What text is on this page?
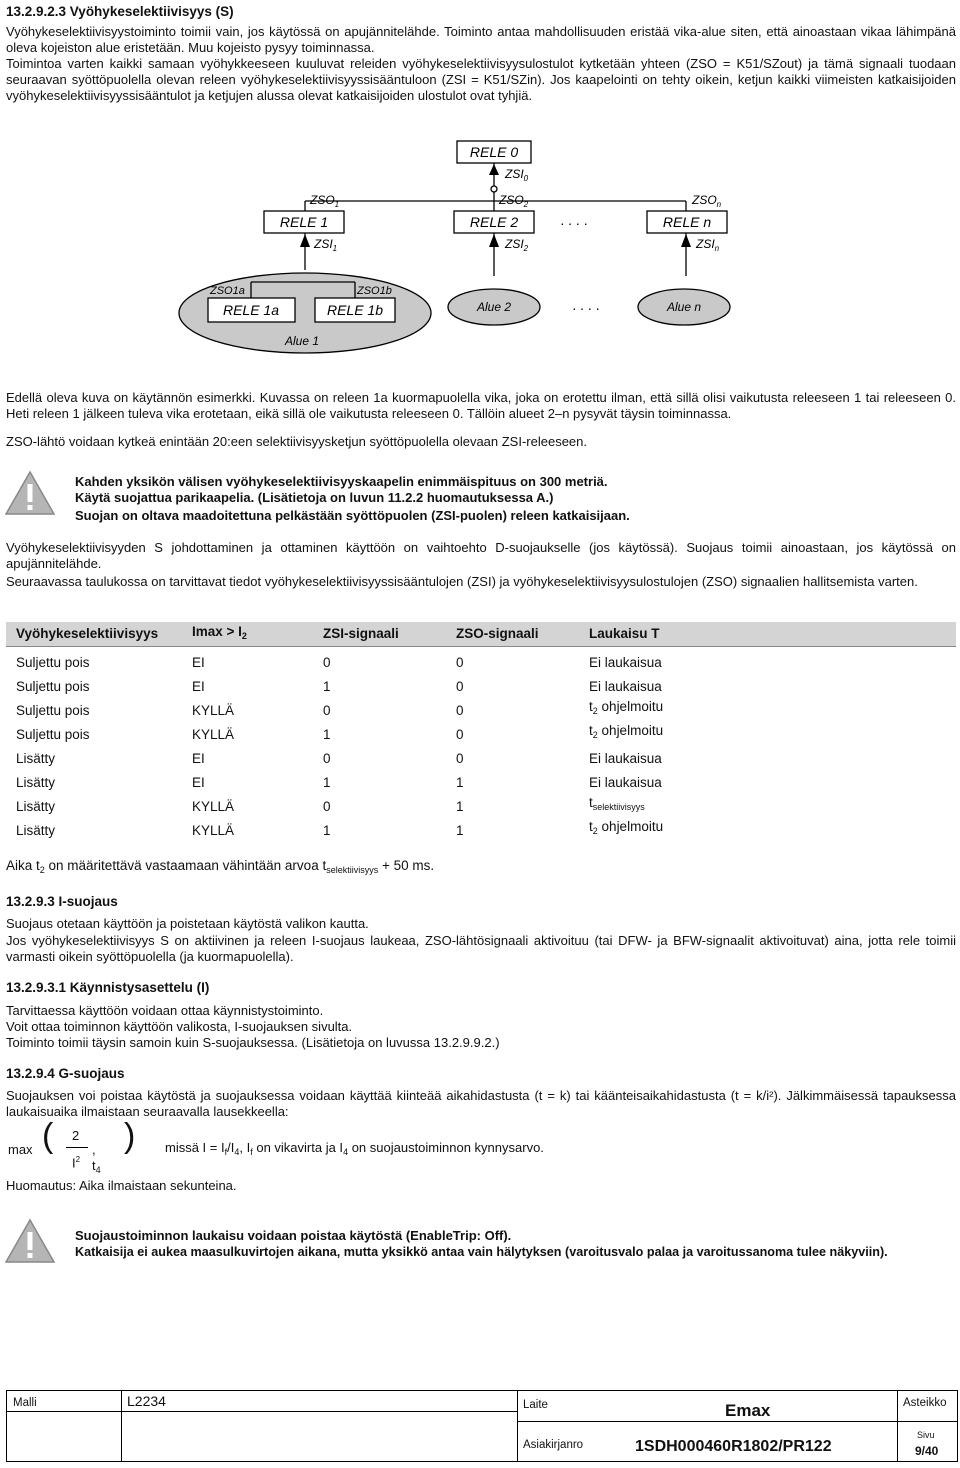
13.2.9.2.3 Vyöhykeselektiivisyys (S)
Vyöhykeselektiivisyystoiminto toimii vain, jos käytössä on apujännitelähde. Toiminto antaa mahdollisuuden eristää vika-alue siten, että ainoastaan vikaa lähimpänä oleva kojeiston alue eristetään. Muu kojeisto pysyy toiminnassa.
Toimintoa varten kaikki samaan vyöhykkeeseen kuuluvat releiden vyöhykeselektiivisyysulostulot kytketään yhteen (ZSO = K51/SZout) ja tämä signaali tuodaan seuraavan syöttöpuolella olevan releen vyöhykeselektiivisyyssisääntuloon (ZSI = K51/SZin). Jos kaapelointi on tehty oikein, ketjun kaikki viimeisten katkaisijoiden vyöhykeselektiivisyyssisääntulot ja ketjujen alussa olevat katkaisijoiden ulostulot ovat tyhjiä.
RELE 0
$ZSI_0$
$ZSO_1$	$ZSO_2$	$ZSO_n$
RELE 1	RELE 2	. . . .	RELE n
$ZSI_1$	$ZSI_2$	$ZSI_n$
ZSO1a	ZSO1b
RELE 1a	RELE 1b
Alue 1
Alue 2	. . . .	Alue n
Edellä oleva kuva on käytännön esimerkki. Kuvassa on releen 1a kuormapuolella vika, joka on erotettu ilman, että sillä olisi vaikutusta releeseen 1 tai releeseen 0. Heti releen 1 jälkeen tuleva vika erotetaan, eikä sillä ole vaikutusta releeseen 0. Tällöin alueet 2–n pysyvät täysin toiminnassa.
ZSO-lähtö voidaan kytkeä enintään 20:een selektiivisyysketjun syöttöpuolella olevaan ZSI-releeseen.
Kahden yksikön välisen vyöhykeselektiivisyyskaapelin enimmäispituus on 300 metriä.
Käytä suojattua parikaapelia. (Lisätietoja on luvun 11.2.2 huomautuksessa A.)
Suojan on oltava maadoitettuna pelkästään syöttöpuolen (ZSI-puolen) releen katkaisijaan.
Vyöhykeselektiivisyyden S johdottaminen ja ottaminen käyttöön on vaihtoehto D-suojaukselle (jos käytössä). Suojaus toimii ainoastaan, jos käytössä on apujännitelähde.
Seuraavassa taulukossa on tarvittavat tiedot vyöhykeselektiivisyyssisääntulojen (ZSI) ja vyöhykeselektiivisyysulostulojen (ZSO) signaalien hallitsemista varten.
Vyöhykeselektiivisyys	$Imax > I_2$	ZSI-signaali	ZSO-signaali	Laukaisu T
Suljettu pois	EI	0	0	Ei laukaisua
Suljettu pois	EI	1	0	Ei laukaisua
Suljettu pois	KYLLÄ	0	0	$t_2$ ohjelmoitu
Suljettu pois	KYLLÄ	1	0	$t_2$ ohjelmoitu
Lisätty	EI	0	0	Ei laukaisua
Lisätty	EI	1	1	Ei laukaisua
Lisätty	KYLLÄ	0	1	$t_{selektiivisyys}$
Lisätty	KYLLÄ	1	1	$t_2$ ohjelmoitu
Aika $t_2$ on määritettävä vastaamaan vähintään arvoa $t_{selektiivisyys} + 50$ ms.
13.2.9.3 I-suojaus
Suojaus otetaan käyttöön ja poistetaan käytöstä valikon kautta.
Jos vyöhykeselektiivisyys S on aktiivinen ja releen I-suojaus laukeaa, ZSO-lähtösignaali aktivoituu (tai DFW- ja BFW-signaalit aktivoituvat) aina, jotta rele toimii varmasti oikein syöttöpuolella (ja kuormapuolella).
13.2.9.3.1 Käynnistysasettelu (I)
Tarvittaessa käyttöön voidaan ottaa käynnistystoiminto.
Voit ottaa toiminnon käyttöön valikosta, I-suojauksen sivulta.
Toiminto toimii täysin samoin kuin S-suojauksessa. (Lisätietoja on luvussa 13.2.9.9.2.)
13.2.9.4 G-suojaus
Suojauksen voi poistaa käytöstä ja suojauksessa voidaan käyttää kiinteää aikahidastusta (t = k) tai käänteisaikahidastusta (t = k/i²). Jälkimmäisessä tapauksessa laukaisuaika ilmaistaan seuraavalla lausekkeella:
max ( 2
$I^2$
, $t_4$
) missä $I = I_f/I_4$, $I_f$ on vikavirta ja $I_4$ on suojaustoiminnon kynnysarvo.
Huomautus: Aika ilmaistaan sekunteina.
Suojaustoiminnon laukaisu voidaan poistaa käytöstä (EnableTrip: Off).
Katkaisija ei aukea maasulkuvirtojen aikana, mutta yksikkö antaa vain hälytyksen (varoitusvalo palaa ja varoitussanoma tulee näkyviin).
Malli	L2234	Laite	Emax	Asteikko
Asiakirjanro	1SDH000460R1802/PR122
Sivu
9/40
